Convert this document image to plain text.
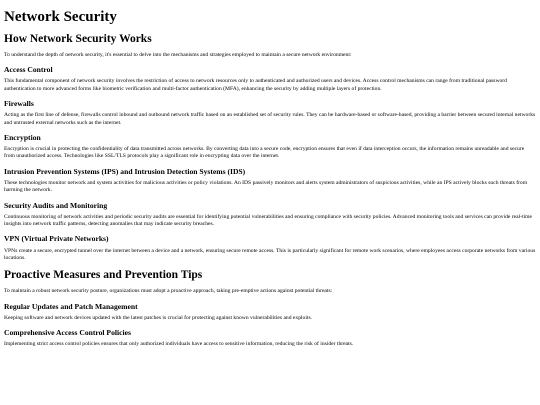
Network Security
How Network Security Works

To understand the depth of network security, it's essential to delve into the mechanisms and strategies employed to maintain a secure network environment:

Access Control

This fundamental component of network security involves the restriction of access to network resources only to authenticated and authorized users and devices. Access control mechanisms can range from traditional password authentication to more advanced forms like biometric verification and multi-factor authentication (MFA), enhancing the security by adding multiple layers of protection.

Firewalls

Acting as the first line of defense, firewalls control inbound and outbound network traffic based on an established set of security rules. They can be hardware-based or software-based, providing a barrier between secured internal networks and untrusted external networks such as the internet.

Encryption

Encryption is crucial in protecting the confidentiality of data transmitted across networks. By converting data into a secure code, encryption ensures that even if data interception occurs, the information remains unreadable and secure from unauthorized access. Technologies like SSL/TLS protocols play a significant role in encrypting data over the internet.

Intrusion Prevention Systems (IPS) and Intrusion Detection Systems (IDS)

These technologies monitor network and system activities for malicious activities or policy violations. An IDS passively monitors and alerts system administrators of suspicious activities, while an IPS actively blocks such threats from harming the network.

Security Audits and Monitoring

Continuous monitoring of network activities and periodic security audits are essential for identifying potential vulnerabilities and ensuring compliance with security policies. Advanced monitoring tools and services can provide real-time insights into network traffic patterns, detecting anomalies that may indicate security breaches.

VPN (Virtual Private Networks)

VPNs create a secure, encrypted tunnel over the internet between a device and a network, ensuring secure remote access. This is particularly significant for remote work scenarios, where employees access corporate networks from various locations.

Proactive Measures and Prevention Tips

To maintain a robust network security posture, organizations must adopt a proactive approach, taking pre-emptive actions against potential threats:

Regular Updates and Patch Management

Keeping software and network devices updated with the latest patches is crucial for protecting against known vulnerabilities and exploits.

Comprehensive Access Control Policies

Implementing strict access control policies ensures that only authorized individuals have access to sensitive information, reducing the risk of insider threats.
